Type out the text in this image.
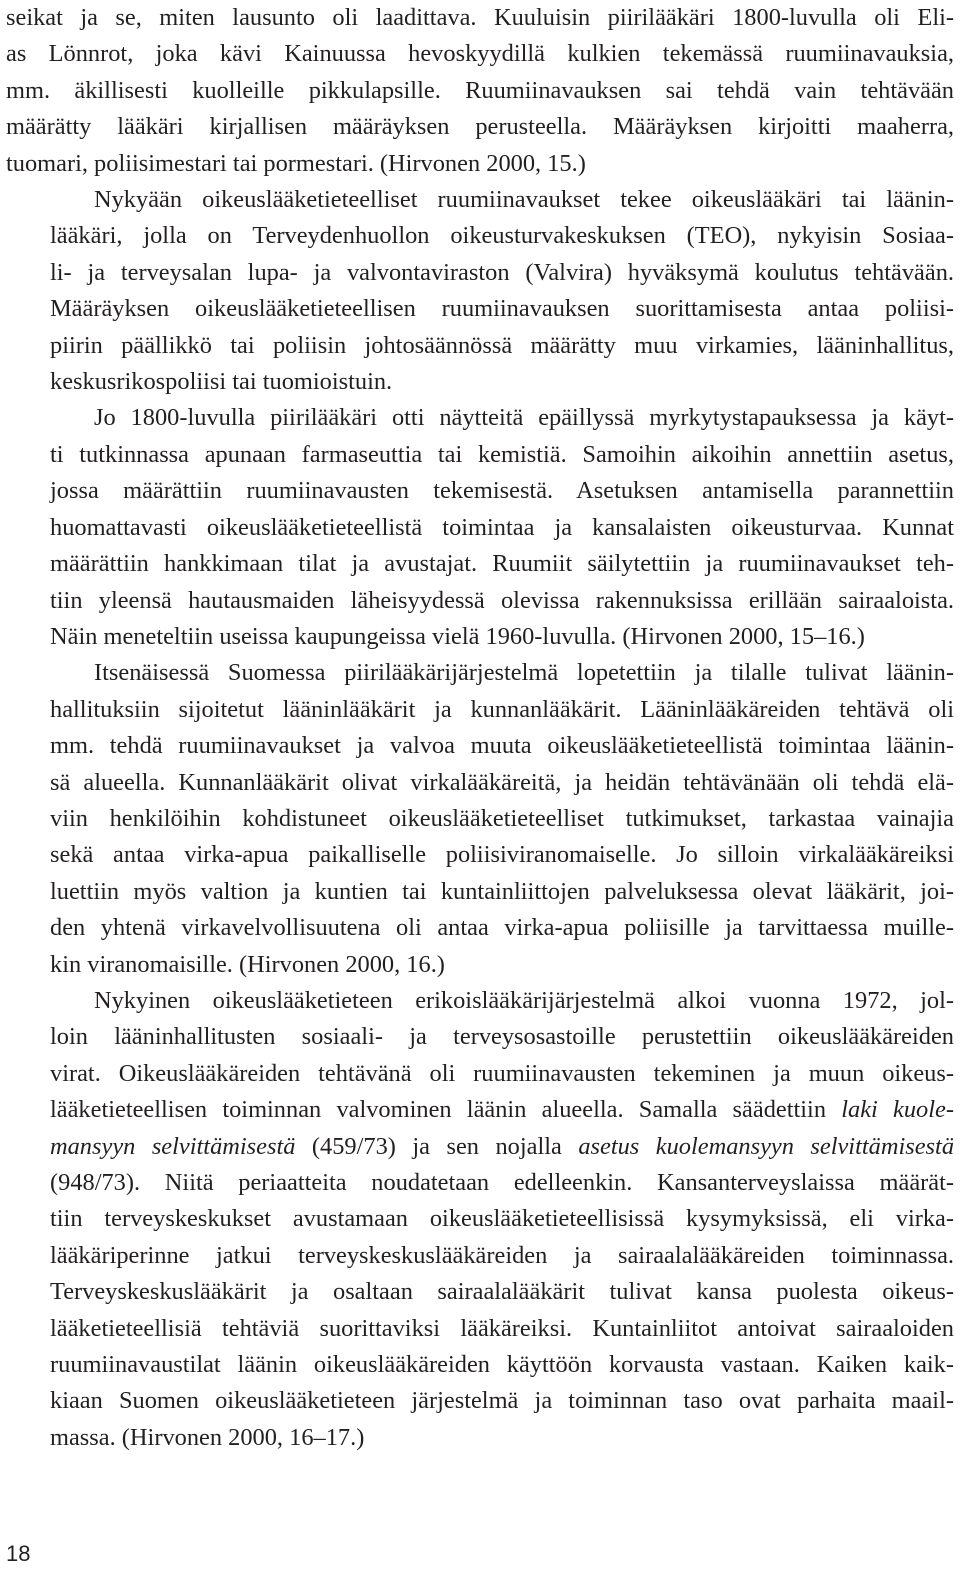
seikat ja se, miten lausunto oli laadittava. Kuuluisin piirilääkäri 1800-luvulla oli Eli-
as Lönnrot, joka kävi Kainuussa hevoskyydillä kulkien tekemässä ruumiinavauksia,
mm. äkillisesti kuolleille pikkulapsille. Ruumiinavauksen sai tehdä vain tehtävään
määrätty lääkäri kirjallisen määräyksen perusteella. Määräyksen kirjoitti maaherra,
tuomari, poliisimestari tai pormestari. (Hirvonen 2000, 15.)
Nykyään oikeuslääketieteelliset ruumiinavaukset tekee oikeuslääkäri tai läänin-
lääkäri, jolla on Terveydenhuollon oikeusturvakeskuksen (TEO), nykyisin Sosiaa-
li- ja terveysalan lupa- ja valvontaviraston (Valvira) hyväksymä koulutus tehtävään.
Määräyksen oikeuslääketieteellisen ruumiinavauksen suorittamisesta antaa poliisi-
piirin päällikkö tai poliisin johtosäännössä määrätty muu virkamies, lääninhallitus,
keskusrikospoliisi tai tuomioistuin.
Jo 1800-luvulla piirilääkäri otti näytteitä epäillyssä myrkytystapauksessa ja käyt-
ti tutkinnassa apunaan farmaseuttia tai kemistiä. Samoihin aikoihin annettiin asetus,
jossa määrättiin ruumiinavausten tekemisestä. Asetuksen antamisella parannettiin
huomattavasti oikeuslääketieteellistä toimintaa ja kansalaisten oikeusturvaa. Kunnat
määrättiin hankkimaan tilat ja avustajat. Ruumiit säilytettiin ja ruumiinavaukset teh-
tiin yleensä hautausmaiden läheisyydessä olevissa rakennuksissa erillään sairaaloista.
Näin meneteltiin useissa kaupungeissa vielä 1960-luvulla. (Hirvonen 2000, 15–16.)
Itsenäisessä Suomessa piirilääkärijärjestelmä lopetettiin ja tilalle tulivat läänin-
hallituksiin sijoitetut lääninlääkärit ja kunnanlääkärit. Lääninlääkäreiden tehtävä oli
mm. tehdä ruumiinavaukset ja valvoa muuta oikeuslääketieteellistä toimintaa läänin-
sä alueella. Kunnanlääkärit olivat virkalääkäreitä, ja heidän tehtävänään oli tehdä elä-
viin henkilöihin kohdistuneet oikeuslääketieteelliset tutkimukset, tarkastaa vainajia
sekä antaa virka-apua paikalliselle poliisiviranomaiselle. Jo silloin virkalääkäreiksi
luettiin myös valtion ja kuntien tai kuntainliittojen palveluksessa olevat lääkärit, joi-
den yhtenä virkavelvollisuutena oli antaa virka-apua poliisille ja tarvittaessa muille-
kin viranomaisille. (Hirvonen 2000, 16.)
Nykyinen oikeuslääketieteen erikoislääkärijärjestelmä alkoi vuonna 1972, jol-
loin lääninhallitusten sosiaali- ja terveysosastoille perustettiin oikeuslääkäreiden
virat. Oikeuslääkäreiden tehtävänä oli ruumiinavausten tekeminen ja muun oikeus-
lääketieteellisen toiminnan valvominen läänin alueella. Samalla säädettiin laki kuole-
mansyyn selvittämisestä (459/73) ja sen nojalla asetus kuolemansyyn selvittämisestä
(948/73). Niitä periaatteita noudatetaan edelleenkin. Kansanterveyslaissa määrät-
tiin terveyskeskukset avustamaan oikeuslääketieteellisissä kysymyksissä, eli virka-
lääkäriperinne jatkui terveyskeskuslääkäreiden ja sairaalalääkäreiden toiminnassa.
Terveyskeskuslääkärit ja osaltaan sairaalalääkärit tulivat kansa puolesta oikeus-
lääketieteellisiä tehtäviä suorittaviksi lääkäreiksi. Kuntainliitot antoivat sairaaloiden
ruumiinavaustilat läänin oikeuslääkäreiden käyttöön korvausta vastaan. Kaiken kaik-
kiaan Suomen oikeuslääketieteen järjestelmä ja toiminnan taso ovat parhaita maail-
massa. (Hirvonen 2000, 16–17.)
18
